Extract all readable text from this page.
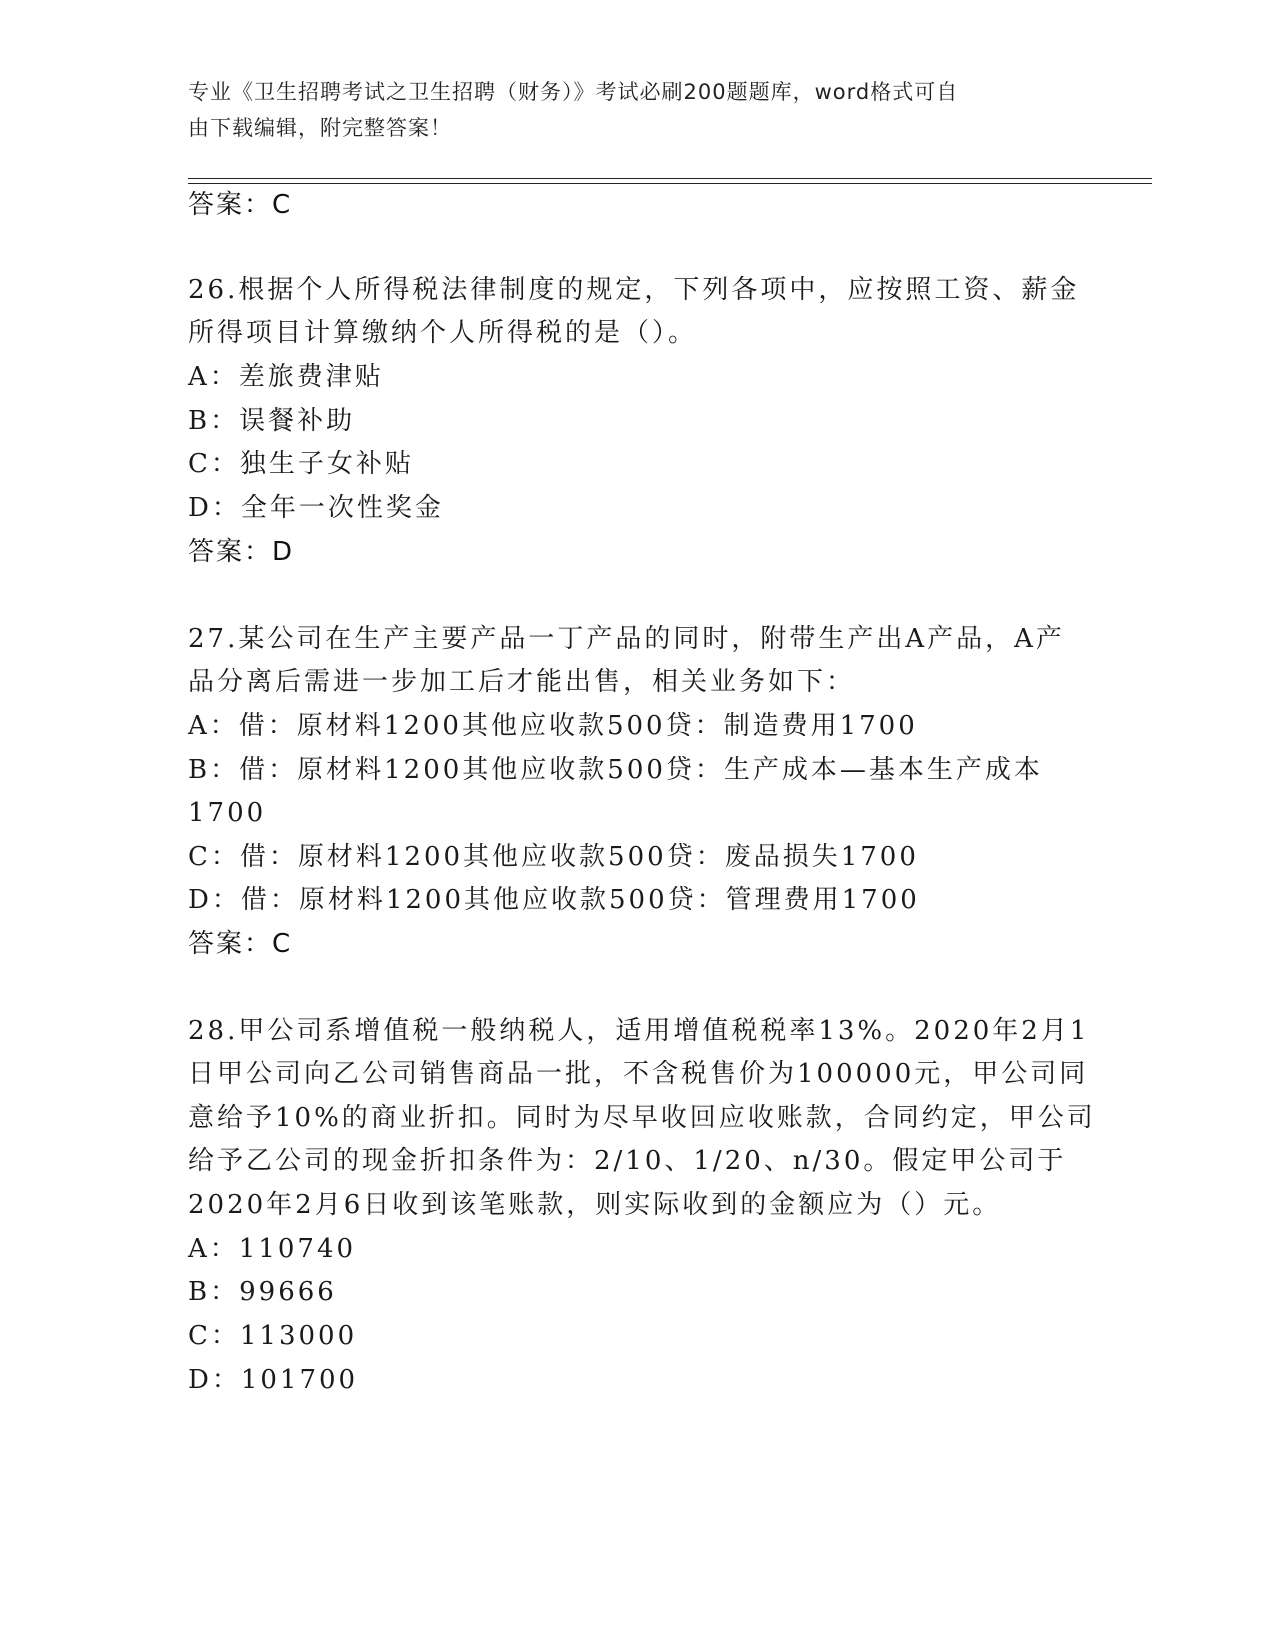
专业《卫生招聘考试之卫生招聘（财务）》考试必刷200题题库，word格式可自
由下载编辑，附完整答案！
答案：C
26.根据个人所得税法律制度的规定，下列各项中，应按照工资、薪金
所得项目计算缴纳个人所得税的是（）。
A：差旅费津贴
B：误餐补助
C：独生子女补贴
D：全年一次性奖金
答案：D
27.某公司在生产主要产品一丁产品的同时，附带生产出A产品，A产
品分离后需进一步加工后才能出售，相关业务如下：
A：借：原材料1200其他应收款500贷：制造费用1700
B：借：原材料1200其他应收款500贷：生产成本—基本生产成本
1700
C：借：原材料1200其他应收款500贷：废品损失1700
D：借：原材料1200其他应收款500贷：管理费用1700
答案：C
28.甲公司系增值税一般纳税人，适用增值税税率13%。2020年2月1
日甲公司向乙公司销售商品一批，不含税售价为100000元，甲公司同
意给予10%的商业折扣。同时为尽早收回应收账款，合同约定，甲公司
给予乙公司的现金折扣条件为：2/10、1/20、n/30。假定甲公司于
2020年2月6日收到该笔账款，则实际收到的金额应为（）元。
A：110740
B：99666
C：113000
D：101700
